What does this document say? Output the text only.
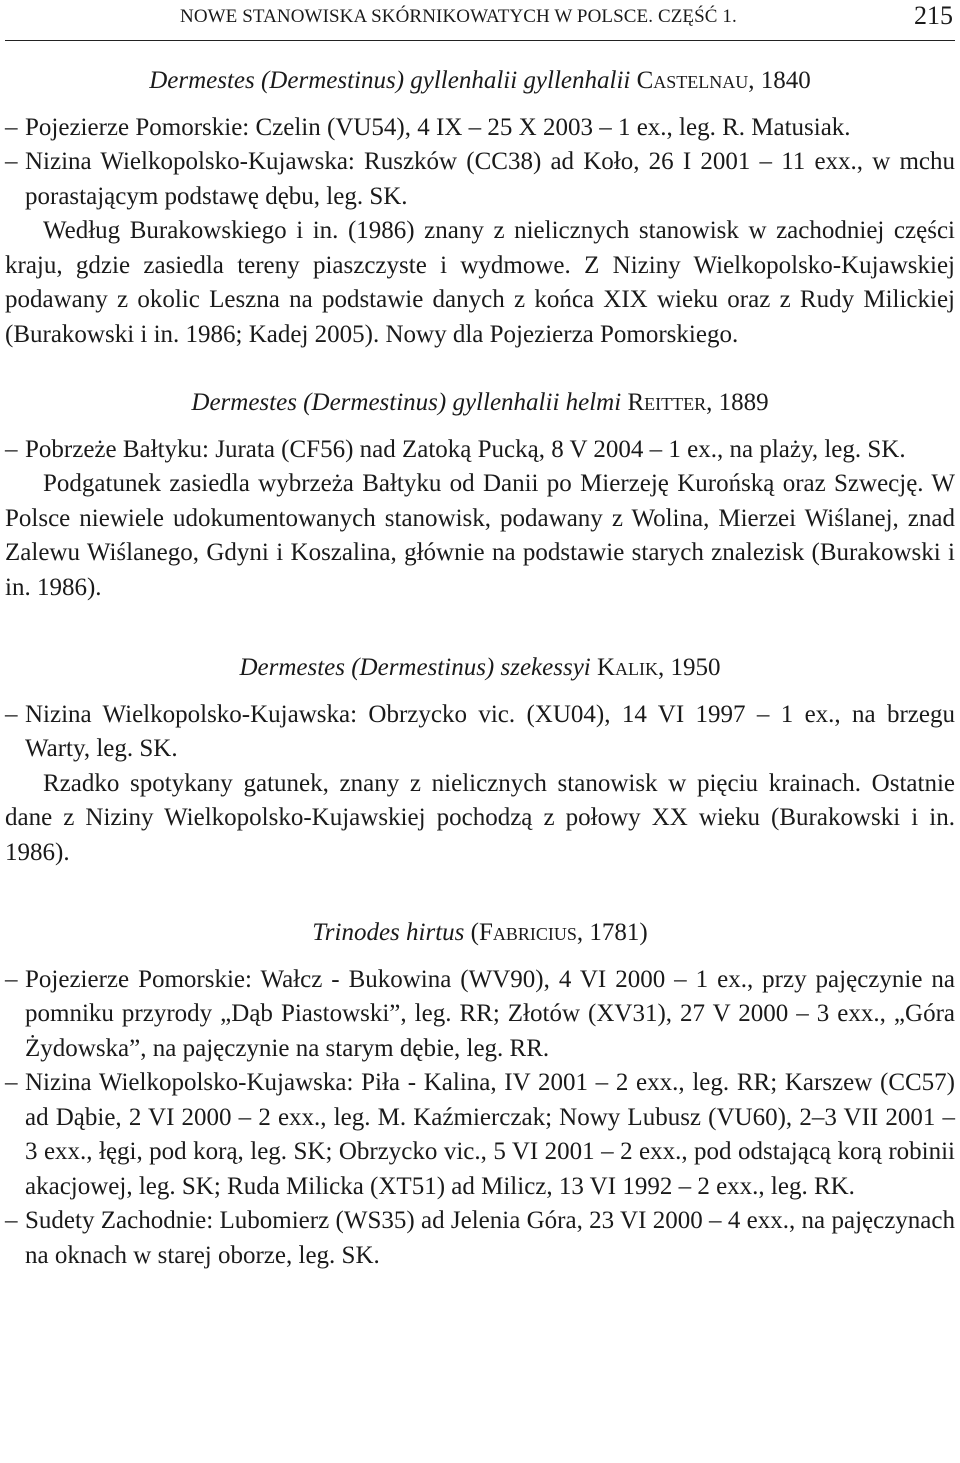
NOWE STANOWISKA SKÓRNIKOWATYCH W POLSCE. CZĘŚĆ 1.	215
Dermestes (Dermestinus) gyllenhalii gyllenhalii Castelnau, 1840
– Pojezierze Pomorskie: Czelin (VU54), 4 IX – 25 X 2003 – 1 ex., leg. R. Matusiak.
– Nizina Wielkopolsko-Kujawska: Ruszków (CC38) ad Koło, 26 I 2001 – 11 exx., w mchu porastającym podstawę dębu, leg. SK.

Według Burakowskiego i in. (1986) znany z nielicznych stanowisk w zachodniej części kraju, gdzie zasiedla tereny piaszczyste i wydmowe. Z Niziny Wielkopolsko-Kujawskiej podawany z okolic Leszna na podstawie danych z końca XIX wieku oraz z Rudy Milickiej (Burakowski i in. 1986; Kadej 2005). Nowy dla Pojezierza Pomorskiego.

Dermestes (Dermestinus) gyllenhalii helmi Reitter, 1889
– Pobrzeże Bałtyku: Jurata (CF56) nad Zatoką Pucką, 8 V 2004 – 1 ex., na plaży, leg. SK.

Podgatunek zasiedla wybrzeża Bałtyku od Danii po Mierzeję Kurońską oraz Szwecję. W Polsce niewiele udokumentowanych stanowisk, podawany z Wolina, Mierzei Wiślanej, znad Zalewu Wiślanego, Gdyni i Koszalina, głównie na podstawie starych znalezisk (Burakowski i in. 1986).

Dermestes (Dermestinus) szekessyi Kalik, 1950
– Nizina Wielkopolsko-Kujawska: Obrzycko vic. (XU04), 14 VI 1997 – 1 ex., na brzegu Warty, leg. SK.

Rzadko spotykany gatunek, znany z nielicznych stanowisk w pięciu krainach. Ostatnie dane z Niziny Wielkopolsko-Kujawskiej pochodzą z połowy XX wieku (Burakowski i in. 1986).

Trinodes hirtus (Fabricius, 1781)
– Pojezierze Pomorskie: Wałcz - Bukowina (WV90), 4 VI 2000 – 1 ex., przy pajęczynie na pomniku przyrody „Dąb Piastowski”, leg. RR; Złotów (XV31), 27 V 2000 – 3 exx., „Góra Żydowska”, na pajęczynie na starym dębie, leg. RR.
– Nizina Wielkopolsko-Kujawska: Piła - Kalina, IV 2001 – 2 exx., leg. RR; Karszew (CC57) ad Dąbie, 2 VI 2000 – 2 exx., leg. M. Kaźmierczak; Nowy Lubusz (VU60), 2–3 VII 2001 – 3 exx., łęgi, pod korą, leg. SK; Obrzycko vic., 5 VI 2001 – 2 exx., pod odstającą korą robinii akacjowej, leg. SK; Ruda Milicka (XT51) ad Milicz, 13 VI 1992 – 2 exx., leg. RK.
– Sudety Zachodnie: Lubomierz (WS35) ad Jelenia Góra, 23 VI 2000 – 4 exx., na pajęczynach na oknach w starej oborze, leg. SK.
